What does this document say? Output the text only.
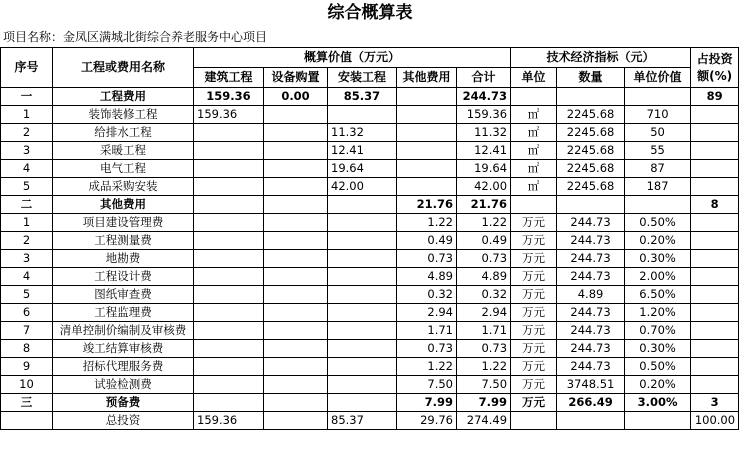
综合概算表
项目名称：金凤区满城北街综合养老服务中心项目
序号	工程或费用名称	概算价值（万元）					技术经济指标（元）			占投资额(%)
		建筑工程	设备购置	安装工程	其他费用	合计	单位	数量	单位价值	
一	工程费用	159.36	0.00	85.37		244.73				89
1	装饰装修工程	159.36				159.36	㎡	2245.68	710	
2	给排水工程			11.32		11.32	㎡	2245.68	50	
3	采暖工程			12.41		12.41	㎡	2245.68	55	
4	电气工程			19.64		19.64	㎡	2245.68	87	
5	成品采购安装			42.00		42.00	㎡	2245.68	187	
二	其他费用				21.76	21.76				8
1	项目建设管理费				1.22	1.22	万元	244.73	0.50%	
2	工程测量费				0.49	0.49	万元	244.73	0.20%	
3	地勘费				0.73	0.73	万元	244.73	0.30%	
4	工程设计费				4.89	4.89	万元	244.73	2.00%	
5	图纸审查费				0.32	0.32	万元	4.89	6.50%	
6	工程监理费				2.94	2.94	万元	244.73	1.20%	
7	清单控制价编制及审核费				1.71	1.71	万元	244.73	0.70%	
8	竣工结算审核费				0.73	0.73	万元	244.73	0.30%	
9	招标代理服务费				1.22	1.22	万元	244.73	0.50%	
10	试验检测费				7.50	7.50	万元	3748.51	0.20%	
三	预备费				7.99	7.99	万元	266.49	3.00%	3
	总投资	159.36		85.37	29.76	274.49				100.00
